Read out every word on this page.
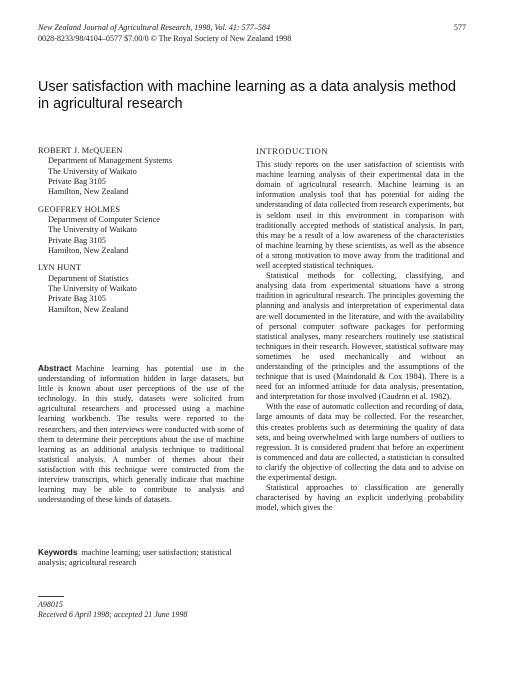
New Zealand Journal of Agricultural Research, 1998, Vol. 41: 577–584
0028-8233/98/4104–0577 $7.00/0 © The Royal Society of New Zealand 1998
577
User satisfaction with machine learning as a data analysis method in agricultural research
ROBERT J. McQUEEN
Department of Management Systems
The University of Waikato
Private Bag 3105
Hamilton, New Zealand
GEOFFREY HOLMES
Department of Computer Science
The University of Waikato
Private Bag 3105
Hamilton, New Zealand
LYN HUNT
Department of Statistics
The University of Waikato
Private Bag 3105
Hamilton, New Zealand
Abstract Machine learning has potential use in the understanding of information hidden in large datasets, but little is known about user perceptions of the use of the technology. In this study, datasets were solicited from agricultural researchers and processed using a machine learning workbench. The results were reported to the researchers, and then interviews were conducted with some of them to determine their perceptions about the use of machine learning as an additional analysis technique to traditional statistical analysis. A number of themes about their satisfaction with this technique were constructed from the interview transcripts, which generally indicate that machine learning may be able to contribute to analysis and understanding of these kinds of datasets.
Keywords machine learning; user satisfaction; statistical analysis; agricultural research
A98015
Received 6 April 1998; accepted 21 June 1998
INTRODUCTION

This study reports on the user satisfaction of scientists with machine learning analysis of their experimental data in the domain of agricultural research. Machine learning is an information analysis tool that has potential for aiding the understanding of data collected from research experiments, but is seldom used in this environment in comparison with traditionally accepted methods of statistical analysis. In part, this may be a result of a low awareness of the characteristics of machine learning by these scientists, as well as the absence of a strong motivation to move away from the traditional and well accepted statistical techniques.

Statistical methods for collecting, classifying, and analysing data from experimental situations have a strong tradition in agricultural research. The principles governing the planning and analysis and interpretation of experimental data are well documented in the literature, and with the availability of personal computer software packages for performing statistical analyses, many researchers routinely use statistical techniques in their research. However, statistical software may sometimes be used mechanically and without an understanding of the principles and the assumptions of the technique that is used (Maindonald & Cox 1984). There is a need for an informed attitude for data analysis, presentation, and interpretation for those involved (Caudron et al. 1982).

With the ease of automatic collection and recording of data, large amounts of data may be collected. For the researcher, this creates problems such as determining the quality of data sets, and being overwhelmed with large numbers of outliers to regression. It is considered prudent that before an experiment is commenced and data are collected, a statistician is consulted to clarify the objective of collecting the data and to advise on the experimental design.

Statistical approaches to classification are generally characterised by having an explicit underlying probability model, which gives the
